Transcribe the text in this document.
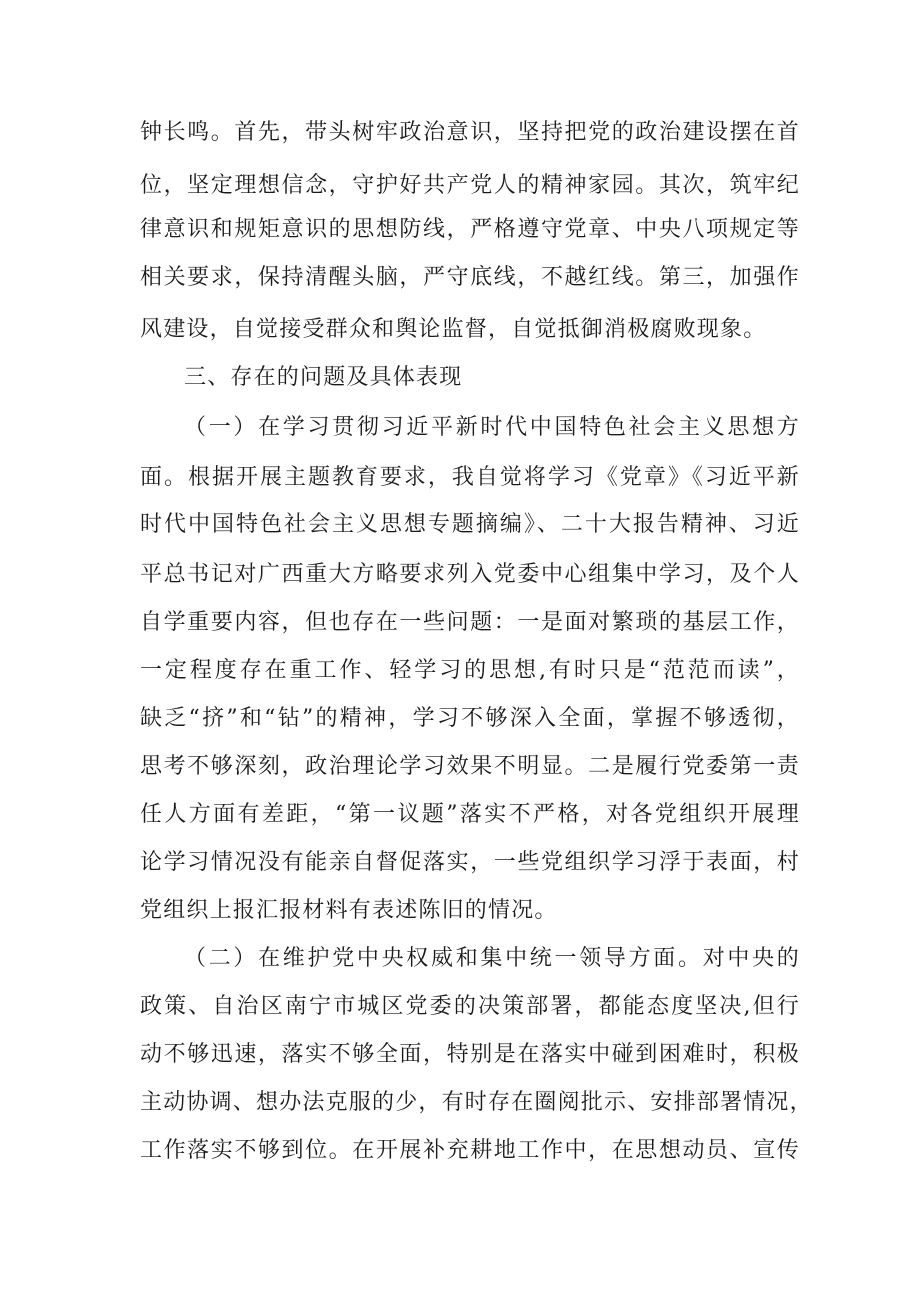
钟长鸣。首先，带头树牢政治意识，坚持把党的政治建设摆在首
位，坚定理想信念，守护好共产党人的精神家园。其次，筑牢纪
律意识和规矩意识的思想防线，严格遵守党章、中央八项规定等
相关要求，保持清醒头脑，严守底线，不越红线。第三，加强作
风建设，自觉接受群众和舆论监督，自觉抵御消极腐败现象。
三、存在的问题及具体表现
（一）在学习贯彻习近平新时代中国特色社会主义思想方
面。根据开展主题教育要求，我自觉将学习《党章》《习近平新
时代中国特色社会主义思想专题摘编》、二十大报告精神、习近
平总书记对广西重大方略要求列入党委中心组集中学习，及个人
自学重要内容，但也存在一些问题：一是面对繁琐的基层工作，
一定程度存在重工作、轻学习的思想,有时只是“范范而读”，
缺乏“挤”和“钻”的精神，学习不够深入全面，掌握不够透彻，
思考不够深刻，政治理论学习效果不明显。二是履行党委第一责
任人方面有差距，“第一议题”落实不严格，对各党组织开展理
论学习情况没有能亲自督促落实，一些党组织学习浮于表面，村
党组织上报汇报材料有表述陈旧的情况。
（二）在维护党中央权威和集中统一领导方面。对中央的
政策、自治区南宁市城区党委的决策部署，都能态度坚决,但行
动不够迅速，落实不够全面，特别是在落实中碰到困难时，积极
主动协调、想办法克服的少，有时存在圈阅批示、安排部署情况，
工作落实不够到位。在开展补充耕地工作中，在思想动员、宣传
